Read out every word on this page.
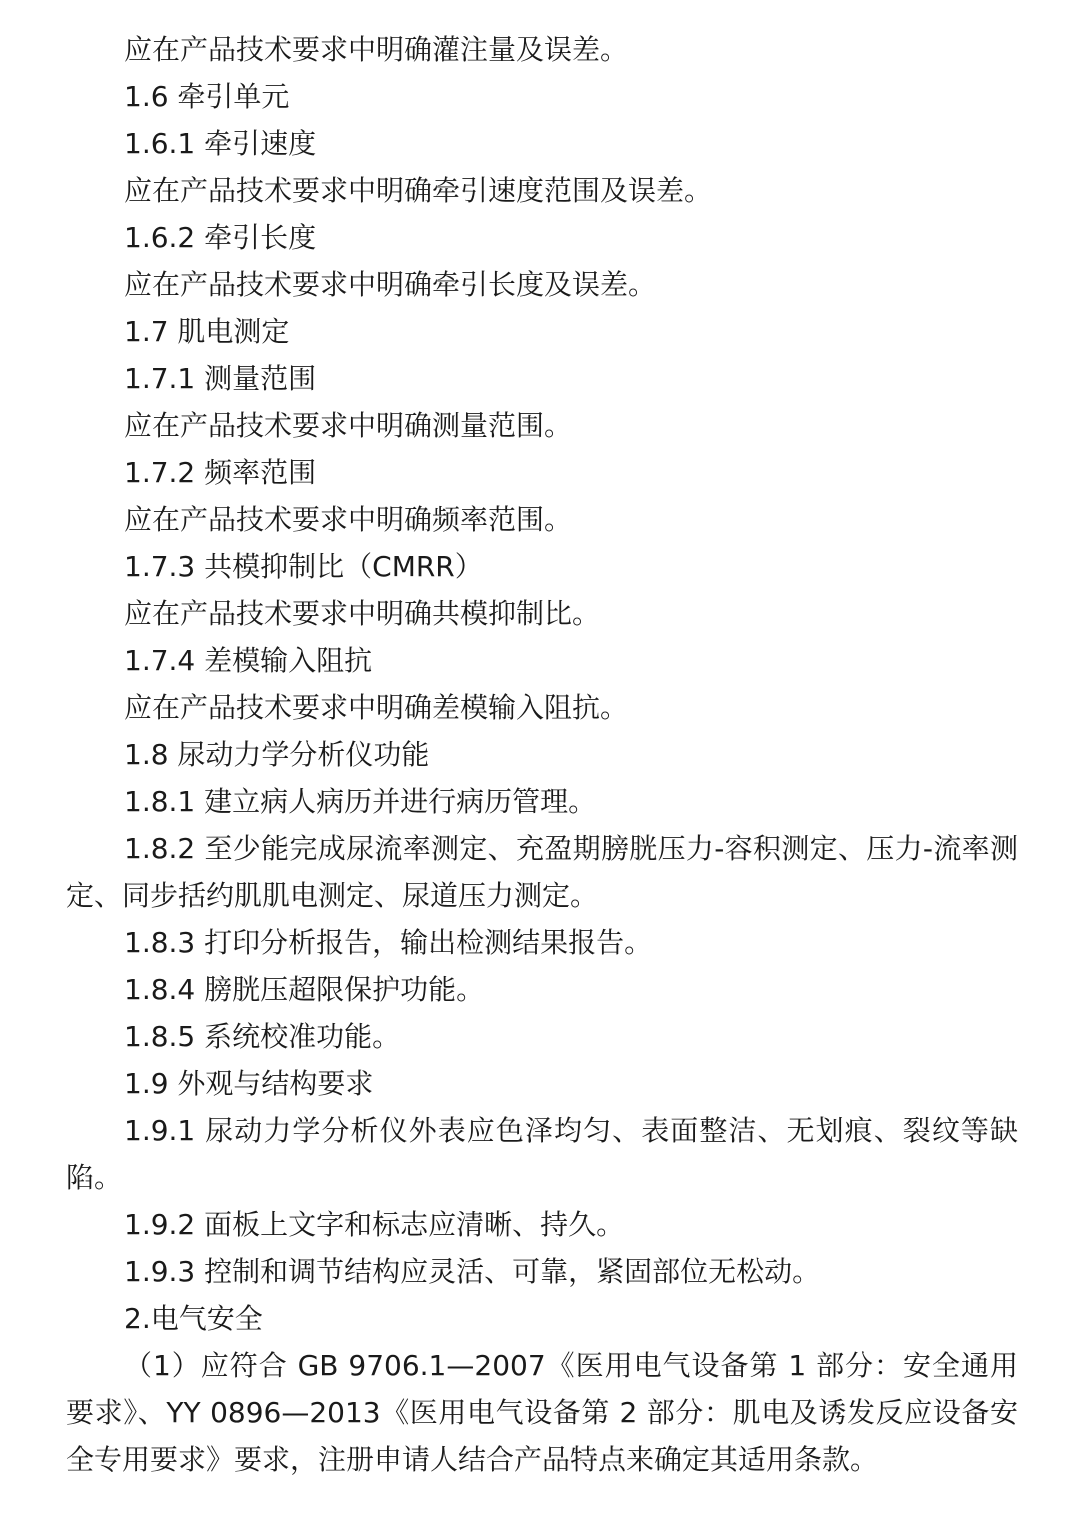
应在产品技术要求中明确灌注量及误差。

1.6 牵引单元

1.6.1 牵引速度

应在产品技术要求中明确牵引速度范围及误差。

1.6.2 牵引长度

应在产品技术要求中明确牵引长度及误差。

1.7 肌电测定

1.7.1 测量范围

应在产品技术要求中明确测量范围。

1.7.2 频率范围

应在产品技术要求中明确频率范围。

1.7.3 共模抑制比（CMRR）

应在产品技术要求中明确共模抑制比。

1.7.4 差模输入阻抗

应在产品技术要求中明确差模输入阻抗。

1.8 尿动力学分析仪功能

1.8.1 建立病人病历并进行病历管理。

1.8.2 至少能完成尿流率测定、充盈期膀胱压力-容积测定、压力-流率测定、同步括约肌肌电测定、尿道压力测定。

1.8.3 打印分析报告，输出检测结果报告。

1.8.4 膀胱压超限保护功能。

1.8.5 系统校准功能。

1.9 外观与结构要求

1.9.1 尿动力学分析仪外表应色泽均匀、表面整洁、无划痕、裂纹等缺陷。

1.9.2 面板上文字和标志应清晰、持久。

1.9.3 控制和调节结构应灵活、可靠，紧固部位无松动。

2.电气安全

（1）应符合 GB 9706.1—2007《医用电气设备第 1 部分：安全通用要求》、YY 0896—2013《医用电气设备第 2 部分：肌电及诱发反应设备安全专用要求》要求，注册申请人结合产品特点来确定其适用条款。
